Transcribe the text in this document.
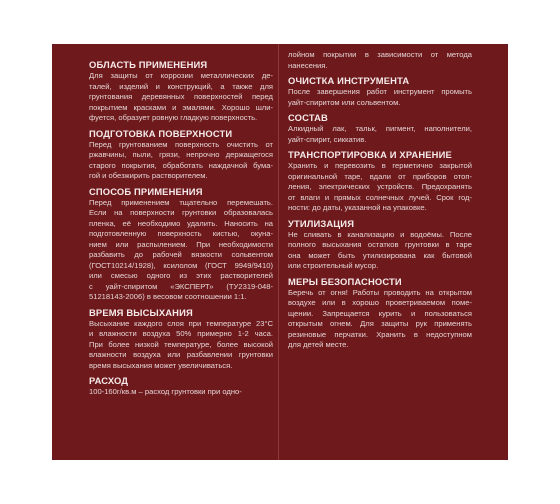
ОБЛАСТЬ ПРИМЕНЕНИЯ
Для защиты от коррозии металлических де-
талей, изделий и конструкций, а также для
грунтования деревянных поверхностей перед
покрытием красками и эмалями. Хорошо шли-
фуется, образует ровную гладкую поверхность.
ПОДГОТОВКА ПОВЕРХНОСТИ
Перед грунтованием поверхность очистить от
ржавчины, пыли, грязи, непрочно держащегося
старого покрытия, обработать наждачной бума-
гой и обезжирить растворителем.
СПОСОБ ПРИМЕНЕНИЯ
Перед применением тщательно перемешать.
Если на поверхности грунтовки образовалась
пленка, её необходимо удалить. Наносить на
подготовленную поверхность кистью, окуна-
нием или распылением. При необходимости
разбавить до рабочей вязкости сольвентом
(ГОСТ10214/1928), ксилолом (ГОСТ 9949/9410)
или смесью одного из этих растворителей
с уайт-спиритом «ЭКСПЕРТ» (ТУ2319-048-
51218143-2006) в весовом соотношении 1:1.
ВРЕМЯ ВЫСЫХАНИЯ
Высыхание каждого слоя при температуре 23°С
и влажности воздуха 50% примерно 1-2 часа.
При более низкой температуре, более высокой
влажности воздуха или разбавлении грунтовки
время высыхания может увеличиваться.
РАСХОД
100-160г/кв.м – расход грунтовки при одно-
лойном покрытии в зависимости от метода
нанесения.
ОЧИСТКА ИНСТРУМЕНТА
После завершения работ инструмент промыть
уайт-спиритом или сольвентом.
СОСТАВ
Алкидный лак, тальк, пигмент, наполнители,
уайт-спирит, сиккатив.
ТРАНСПОРТИРОВКА И ХРАНЕНИЕ
Хранить и перевозить в герметично закрытой
оригинальной таре, вдали от приборов отоп-
ления, электрических устройств. Предохранять
от влаги и прямых солнечных лучей. Срок год-
ности: до даты, указанной на упаковке.
УТИЛИЗАЦИЯ
Не сливать в канализацию и водоёмы. После
полного высыхания остатков грунтовки в таре
она может быть утилизирована как бытовой
или строительный мусор.
МЕРЫ БЕЗОПАСНОСТИ
Беречь от огня! Работы проводить на открытом
воздухе или в хорошо проветриваемом поме-
щении. Запрещается курить и пользоваться
открытым огнем. Для защиты рук применять
резиновые перчатки. Хранить в недоступном
для детей месте.
